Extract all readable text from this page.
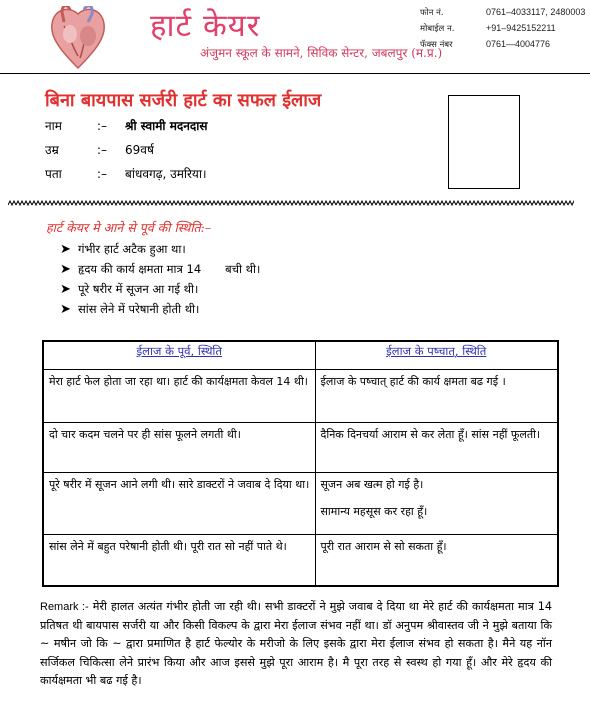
हार्ट केयर
अंजुमन स्कूल के सामने, सिविक सेन्टर, जबलपुर (म.प्र.)
फोन नं.	0761–4033117, 2480003
मोबाईल न.	+91–9425152211
फॅक्स नंबर	0761—4004776
बिना बायपास सर्जरी हार्ट का सफल ईलाज
नाम	:– श्री स्वामी मदनदास
उम्र	:– 69वर्ष
पता	:– बांधवगढ़, उमरिया।
हार्ट केयर मे आने से पूर्व की स्थिति:–
➤ गंभीर हार्ट अटैक हुआ था।
➤ हृदय की कार्य क्षमता मात्र 14 बची थी।
➤ पूरे षरीर में सूजन आ गई थी।
➤ सांस लेने में परेषानी होती थी।
ईलाज के पूर्व, स्थिति	ईलाज के पष्चात्, स्थिति
मेरा हार्ट फेल होता जा रहा था। हार्ट की कार्यक्षमता केवल 14 थी।	ईलाज के पष्चात् हार्ट की कार्य क्षमता बढ गई ।
दो चार कदम चलने पर ही सांस फूलने लगती थी।	दैनिक दिनचर्या आराम से कर लेता हूँ। सांस नहीं फूलती।
पूरे षरीर में सूजन आने लगी थी। सारे डाक्टरों ने जवाब दे दिया था।	सूजन अब खत्म हो गई है।
सामान्य महसूस कर रहा हूँ।

सांस लेने में बहुत परेषानी होती थी। पूरी रात सो नहीं पाते थे।	पूरी रात आराम से सो सकता हूँ।
Remark :- मेरी हालत अत्यंत गंभीर होती जा रही थी। सभी डाक्टरों ने मुझे जवाब दे दिया था मेरे हार्ट की कार्यक्षमता मात्र 14 प्रतिषत थी बायपास सर्जरी या और किसी विकल्प के द्वारा मेरा ईलाज संभव नहीं था। डॉ अनुपम श्रीवास्तव जी ने मुझे बताया कि ~ मषीन जो कि ~ द्वारा प्रमाणित है हार्ट फेल्योर के मरीजो के लिए इसके द्वारा मेरा ईलाज संभव हो सकता है। मैने यह नॉन सर्जिकल चिकित्सा लेने प्रारंभ किया और आज इससे मुझे पूरा आराम है। मै पूरा तरह से स्वस्थ हो गया हूँ। और मेरे हृदय की कार्यक्षमता भी बढ गई है।
